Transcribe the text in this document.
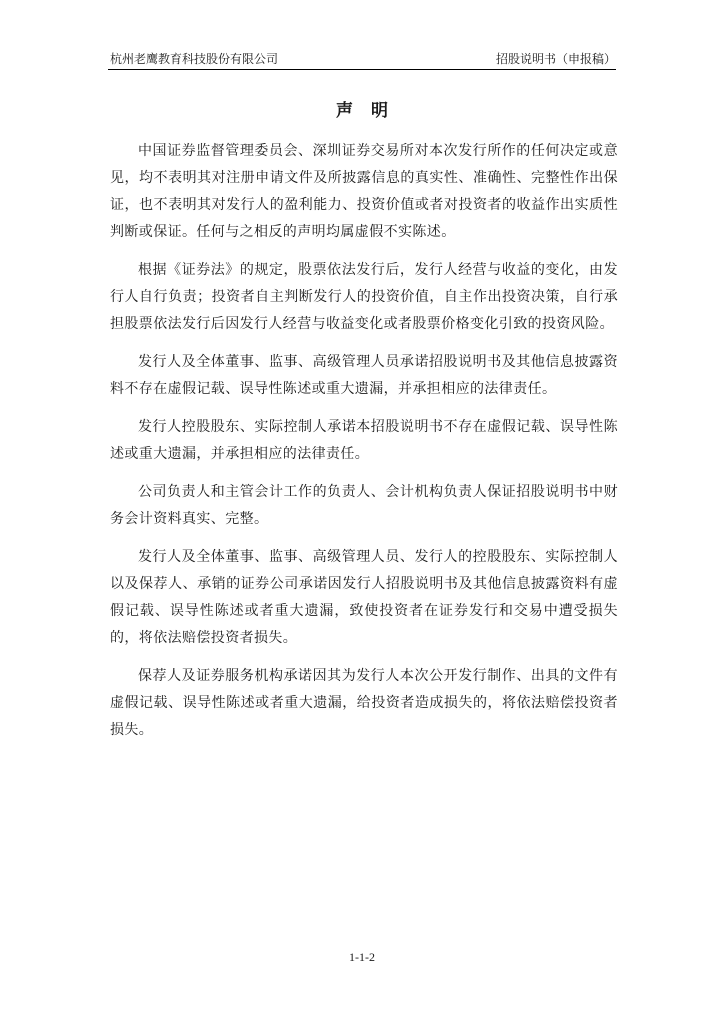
杭州老鹰教育科技股份有限公司	招股说明书（申报稿）
声明

中国证券监督管理委员会、深圳证券交易所对本次发行所作的任何决定或意见，均不表明其对注册申请文件及所披露信息的真实性、准确性、完整性作出保证，也不表明其对发行人的盈利能力、投资价值或者对投资者的收益作出实质性判断或保证。任何与之相反的声明均属虚假不实陈述。

根据《证券法》的规定，股票依法发行后，发行人经营与收益的变化，由发行人自行负责；投资者自主判断发行人的投资价值，自主作出投资决策，自行承担股票依法发行后因发行人经营与收益变化或者股票价格变化引致的投资风险。

发行人及全体董事、监事、高级管理人员承诺招股说明书及其他信息披露资料不存在虚假记载、误导性陈述或重大遗漏，并承担相应的法律责任。

发行人控股股东、实际控制人承诺本招股说明书不存在虚假记载、误导性陈述或重大遗漏，并承担相应的法律责任。

公司负责人和主管会计工作的负责人、会计机构负责人保证招股说明书中财务会计资料真实、完整。

发行人及全体董事、监事、高级管理人员、发行人的控股股东、实际控制人以及保荐人、承销的证券公司承诺因发行人招股说明书及其他信息披露资料有虚假记载、误导性陈述或者重大遗漏，致使投资者在证券发行和交易中遭受损失的，将依法赔偿投资者损失。

保荐人及证券服务机构承诺因其为发行人本次公开发行制作、出具的文件有虚假记载、误导性陈述或者重大遗漏，给投资者造成损失的，将依法赔偿投资者损失。

1-1-2
